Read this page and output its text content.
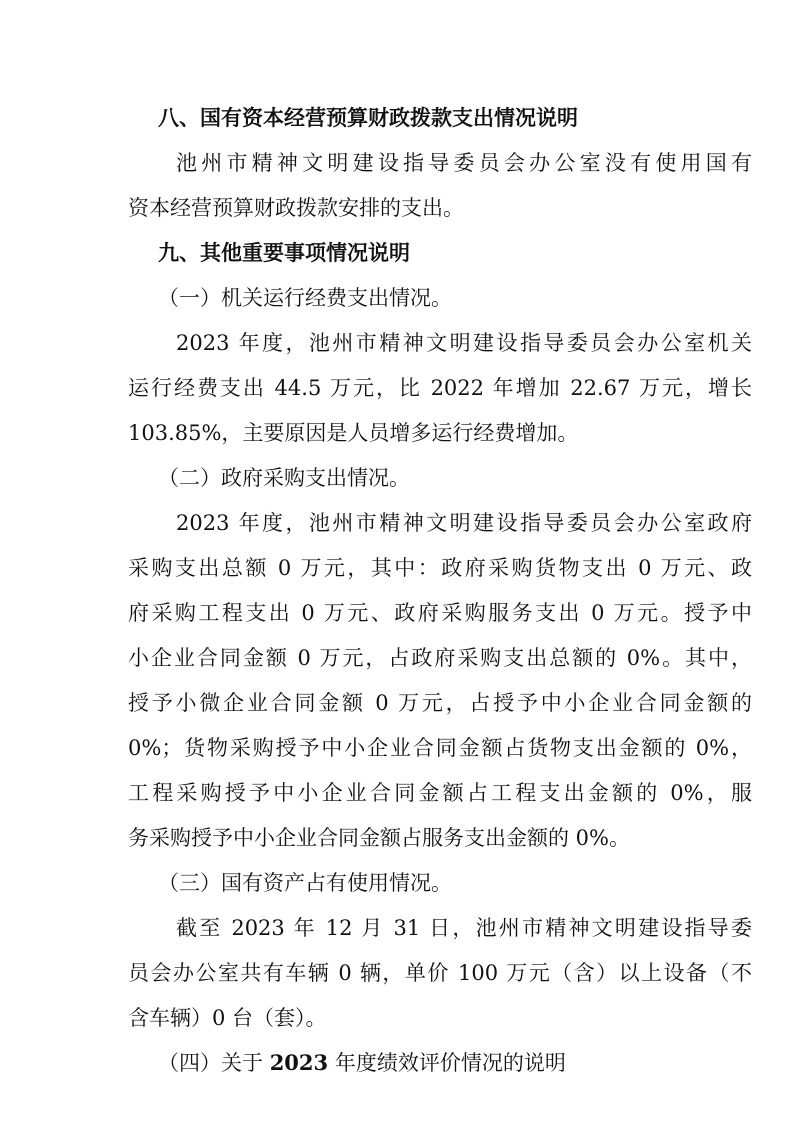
八、国有资本经营预算财政拨款支出情况说明
池州市精神文明建设指导委员会办公室没有使用国有
资本经营预算财政拨款安排的支出。
九、其他重要事项情况说明
（一）机关运行经费支出情况。
2023 年度，池州市精神文明建设指导委员会办公室机关
运行经费支出 44.5 万元，比 2022 年增加 22.67 万元，增长
103.85%，主要原因是人员增多运行经费增加。
（二）政府采购支出情况。
2023 年度，池州市精神文明建设指导委员会办公室政府
采购支出总额 0 万元，其中：政府采购货物支出 0 万元、政
府采购工程支出 0 万元、政府采购服务支出 0 万元。授予中
小企业合同金额 0 万元，占政府采购支出总额的 0%。其中，
授予小微企业合同金额 0 万元，占授予中小企业合同金额的
0%；货物采购授予中小企业合同金额占货物支出金额的 0%，
工程采购授予中小企业合同金额占工程支出金额的 0%，服
务采购授予中小企业合同金额占服务支出金额的 0%。
（三）国有资产占有使用情况。
截至 2023 年 12 月 31 日，池州市精神文明建设指导委
员会办公室共有车辆 0 辆，单价 100 万元（含）以上设备（不
含车辆）0 台（套）。
（四）关于 2023 年度绩效评价情况的说明
